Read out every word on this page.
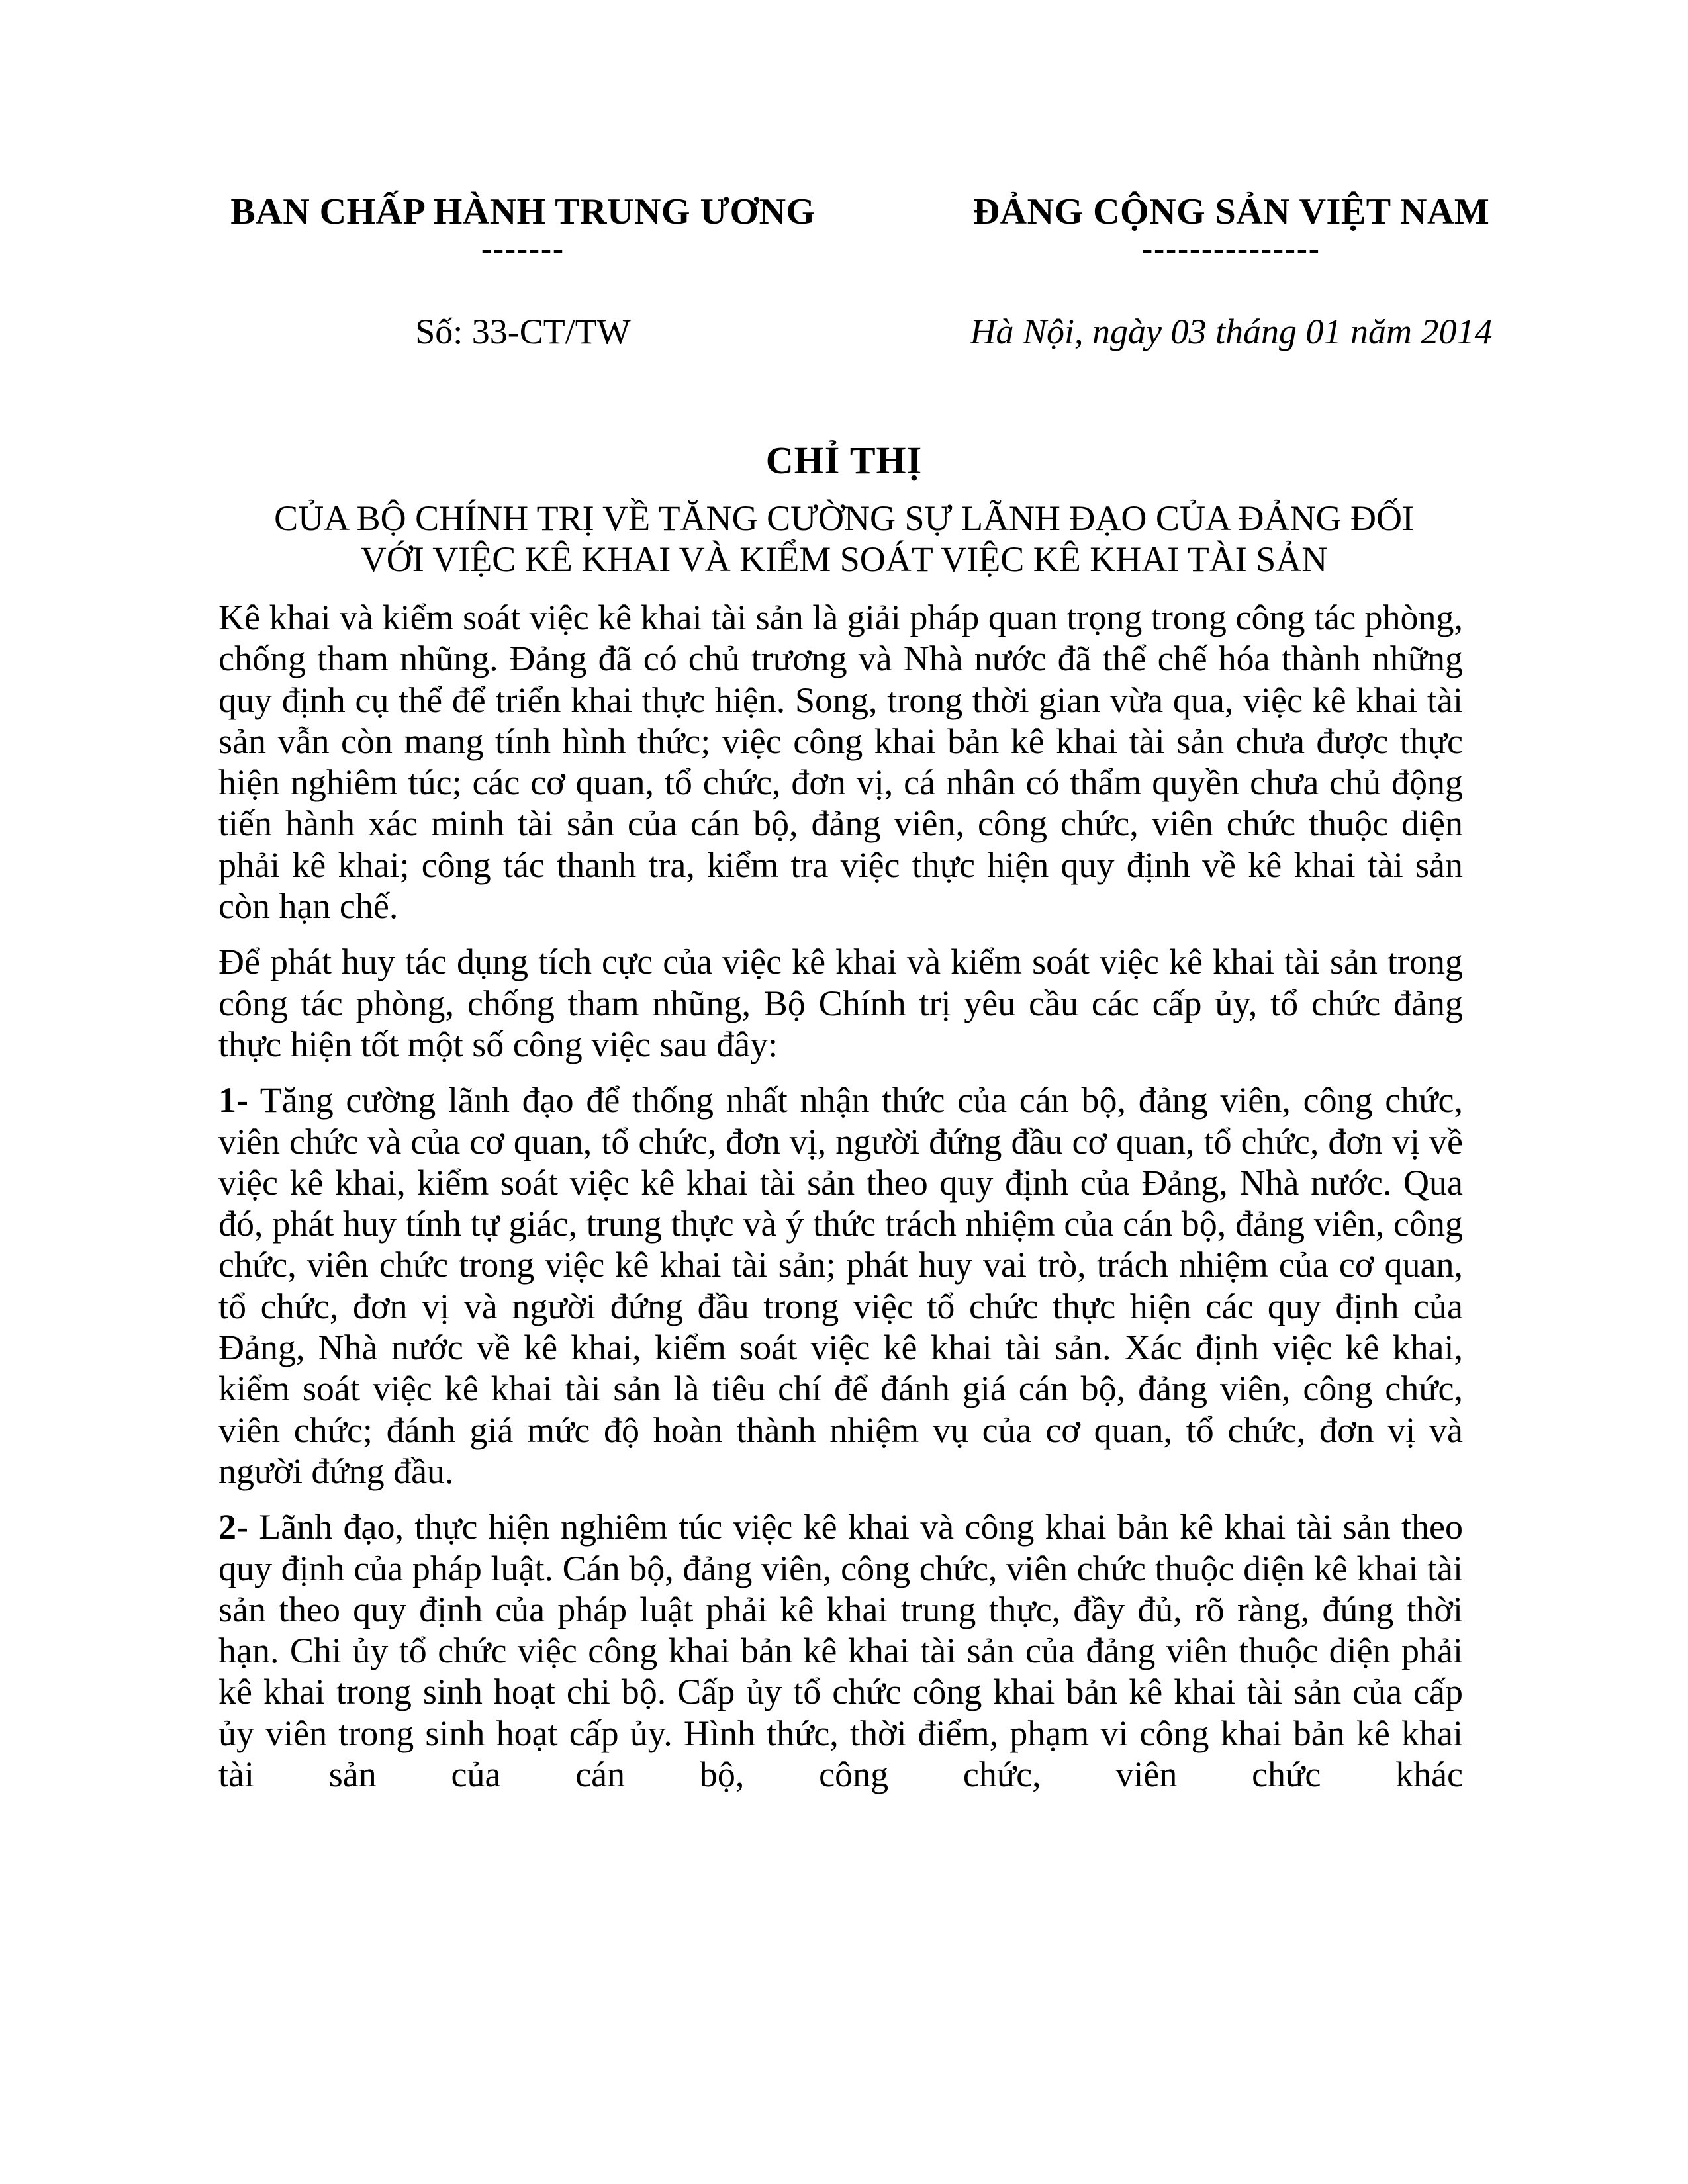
BAN CHẤP HÀNH TRUNG ƯƠNG
-------
ĐẢNG CỘNG SẢN VIỆT NAM
---------------
Số: 33-CT/TW	Hà Nội, ngày 03 tháng 01 năm 2014
CHỈ THỊ
CỦA BỘ CHÍNH TRỊ VỀ TĂNG CƯỜNG SỰ LÃNH ĐẠO CỦA ĐẢNG ĐỐI
VỚI VIỆC KÊ KHAI VÀ KIỂM SOÁT VIỆC KÊ KHAI TÀI SẢN

Kê khai và kiểm soát việc kê khai tài sản là giải pháp quan trọng trong công tác phòng, chống tham nhũng. Đảng đã có chủ trương và Nhà nước đã thể chế hóa thành những quy định cụ thể để triển khai thực hiện. Song, trong thời gian vừa qua, việc kê khai tài sản vẫn còn mang tính hình thức; việc công khai bản kê khai tài sản chưa được thực hiện nghiêm túc; các cơ quan, tổ chức, đơn vị, cá nhân có thẩm quyền chưa chủ động tiến hành xác minh tài sản của cán bộ, đảng viên, công chức, viên chức thuộc diện phải kê khai; công tác thanh tra, kiểm tra việc thực hiện quy định về kê khai tài sản còn hạn chế.

Để phát huy tác dụng tích cực của việc kê khai và kiểm soát việc kê khai tài sản trong công tác phòng, chống tham nhũng, Bộ Chính trị yêu cầu các cấp ủy, tổ chức đảng thực hiện tốt một số công việc sau đây:

1- Tăng cường lãnh đạo để thống nhất nhận thức của cán bộ, đảng viên, công chức, viên chức và của cơ quan, tổ chức, đơn vị, người đứng đầu cơ quan, tổ chức, đơn vị về việc kê khai, kiểm soát việc kê khai tài sản theo quy định của Đảng, Nhà nước. Qua đó, phát huy tính tự giác, trung thực và ý thức trách nhiệm của cán bộ, đảng viên, công chức, viên chức trong việc kê khai tài sản; phát huy vai trò, trách nhiệm của cơ quan, tổ chức, đơn vị và người đứng đầu trong việc tổ chức thực hiện các quy định của Đảng, Nhà nước về kê khai, kiểm soát việc kê khai tài sản. Xác định việc kê khai, kiểm soát việc kê khai tài sản là tiêu chí để đánh giá cán bộ, đảng viên, công chức, viên chức; đánh giá mức độ hoàn thành nhiệm vụ của cơ quan, tổ chức, đơn vị và người đứng đầu.

2- Lãnh đạo, thực hiện nghiêm túc việc kê khai và công khai bản kê khai tài sản theo quy định của pháp luật. Cán bộ, đảng viên, công chức, viên chức thuộc diện kê khai tài sản theo quy định của pháp luật phải kê khai trung thực, đầy đủ, rõ ràng, đúng thời hạn. Chi ủy tổ chức việc công khai bản kê khai tài sản của đảng viên thuộc diện phải kê khai trong sinh hoạt chi bộ. Cấp ủy tổ chức công khai bản kê khai tài sản của cấp ủy viên trong sinh hoạt cấp ủy. Hình thức, thời điểm, phạm vi công khai bản kê khai tài sản của cán bộ, công chức, viên chức khác
